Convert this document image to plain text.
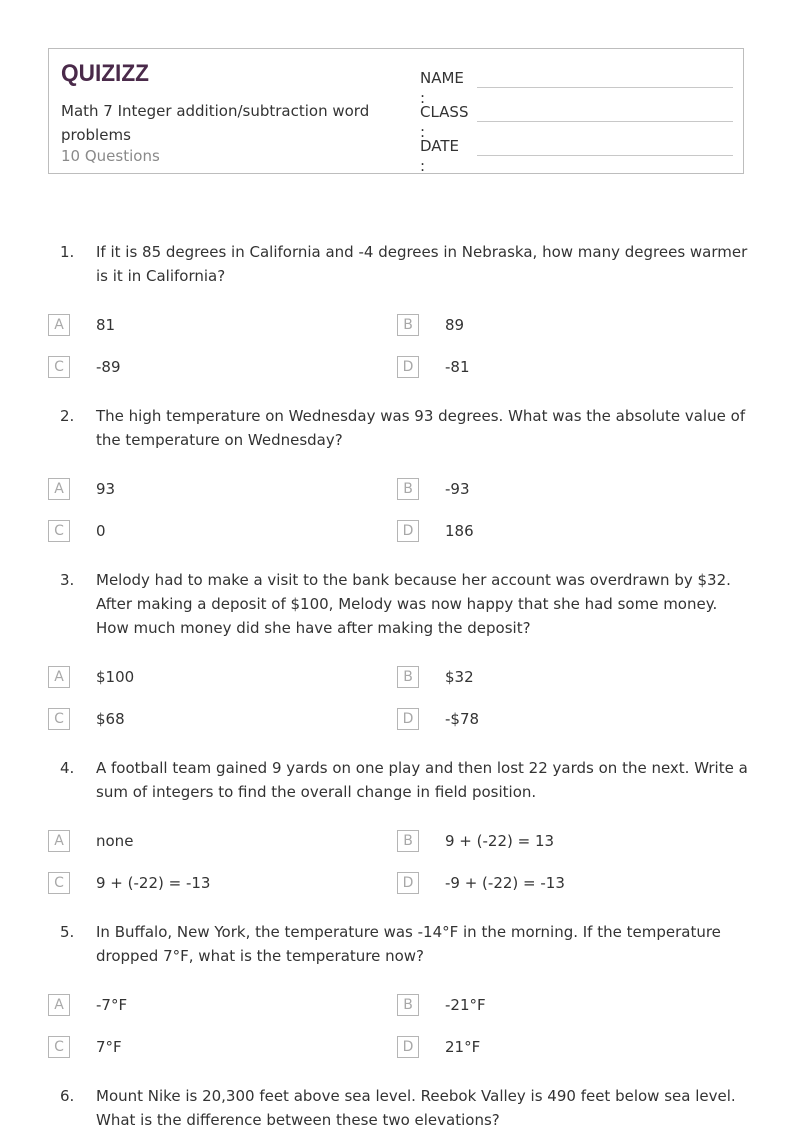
QUIZIZZ
Math 7 Integer addition/subtraction word problems
10 Questions
NAME :
CLASS :
DATE :
1. If it is 85 degrees in California and -4 degrees in Nebraska, how many degrees warmer is it in California?
A	81	B	89
C	-89	D	-81
2. The high temperature on Wednesday was 93 degrees. What was the absolute value of the temperature on Wednesday?
A	93	B	-93
C	0	D	186
3. Melody had to make a visit to the bank because her account was overdrawn by $32. After making a deposit of $100, Melody was now happy that she had some money. How much money did she have after making the deposit?
A	$100	B	$32
C	$68	D	-$78
4. A football team gained 9 yards on one play and then lost 22 yards on the next. Write a sum of integers to find the overall change in field position.
A	none	B	9 + (-22) = 13
C	9 + (-22) = -13	D	-9 + (-22) = -13
5. In Buffalo, New York, the temperature was -14°F in the morning. If the temperature dropped 7°F, what is the temperature now?
A	-7°F	B	-21°F
C	7°F	D	21°F
6. Mount Nike is 20,300 feet above sea level. Reebok Valley is 490 feet below sea level. What is the difference between these two elevations?
